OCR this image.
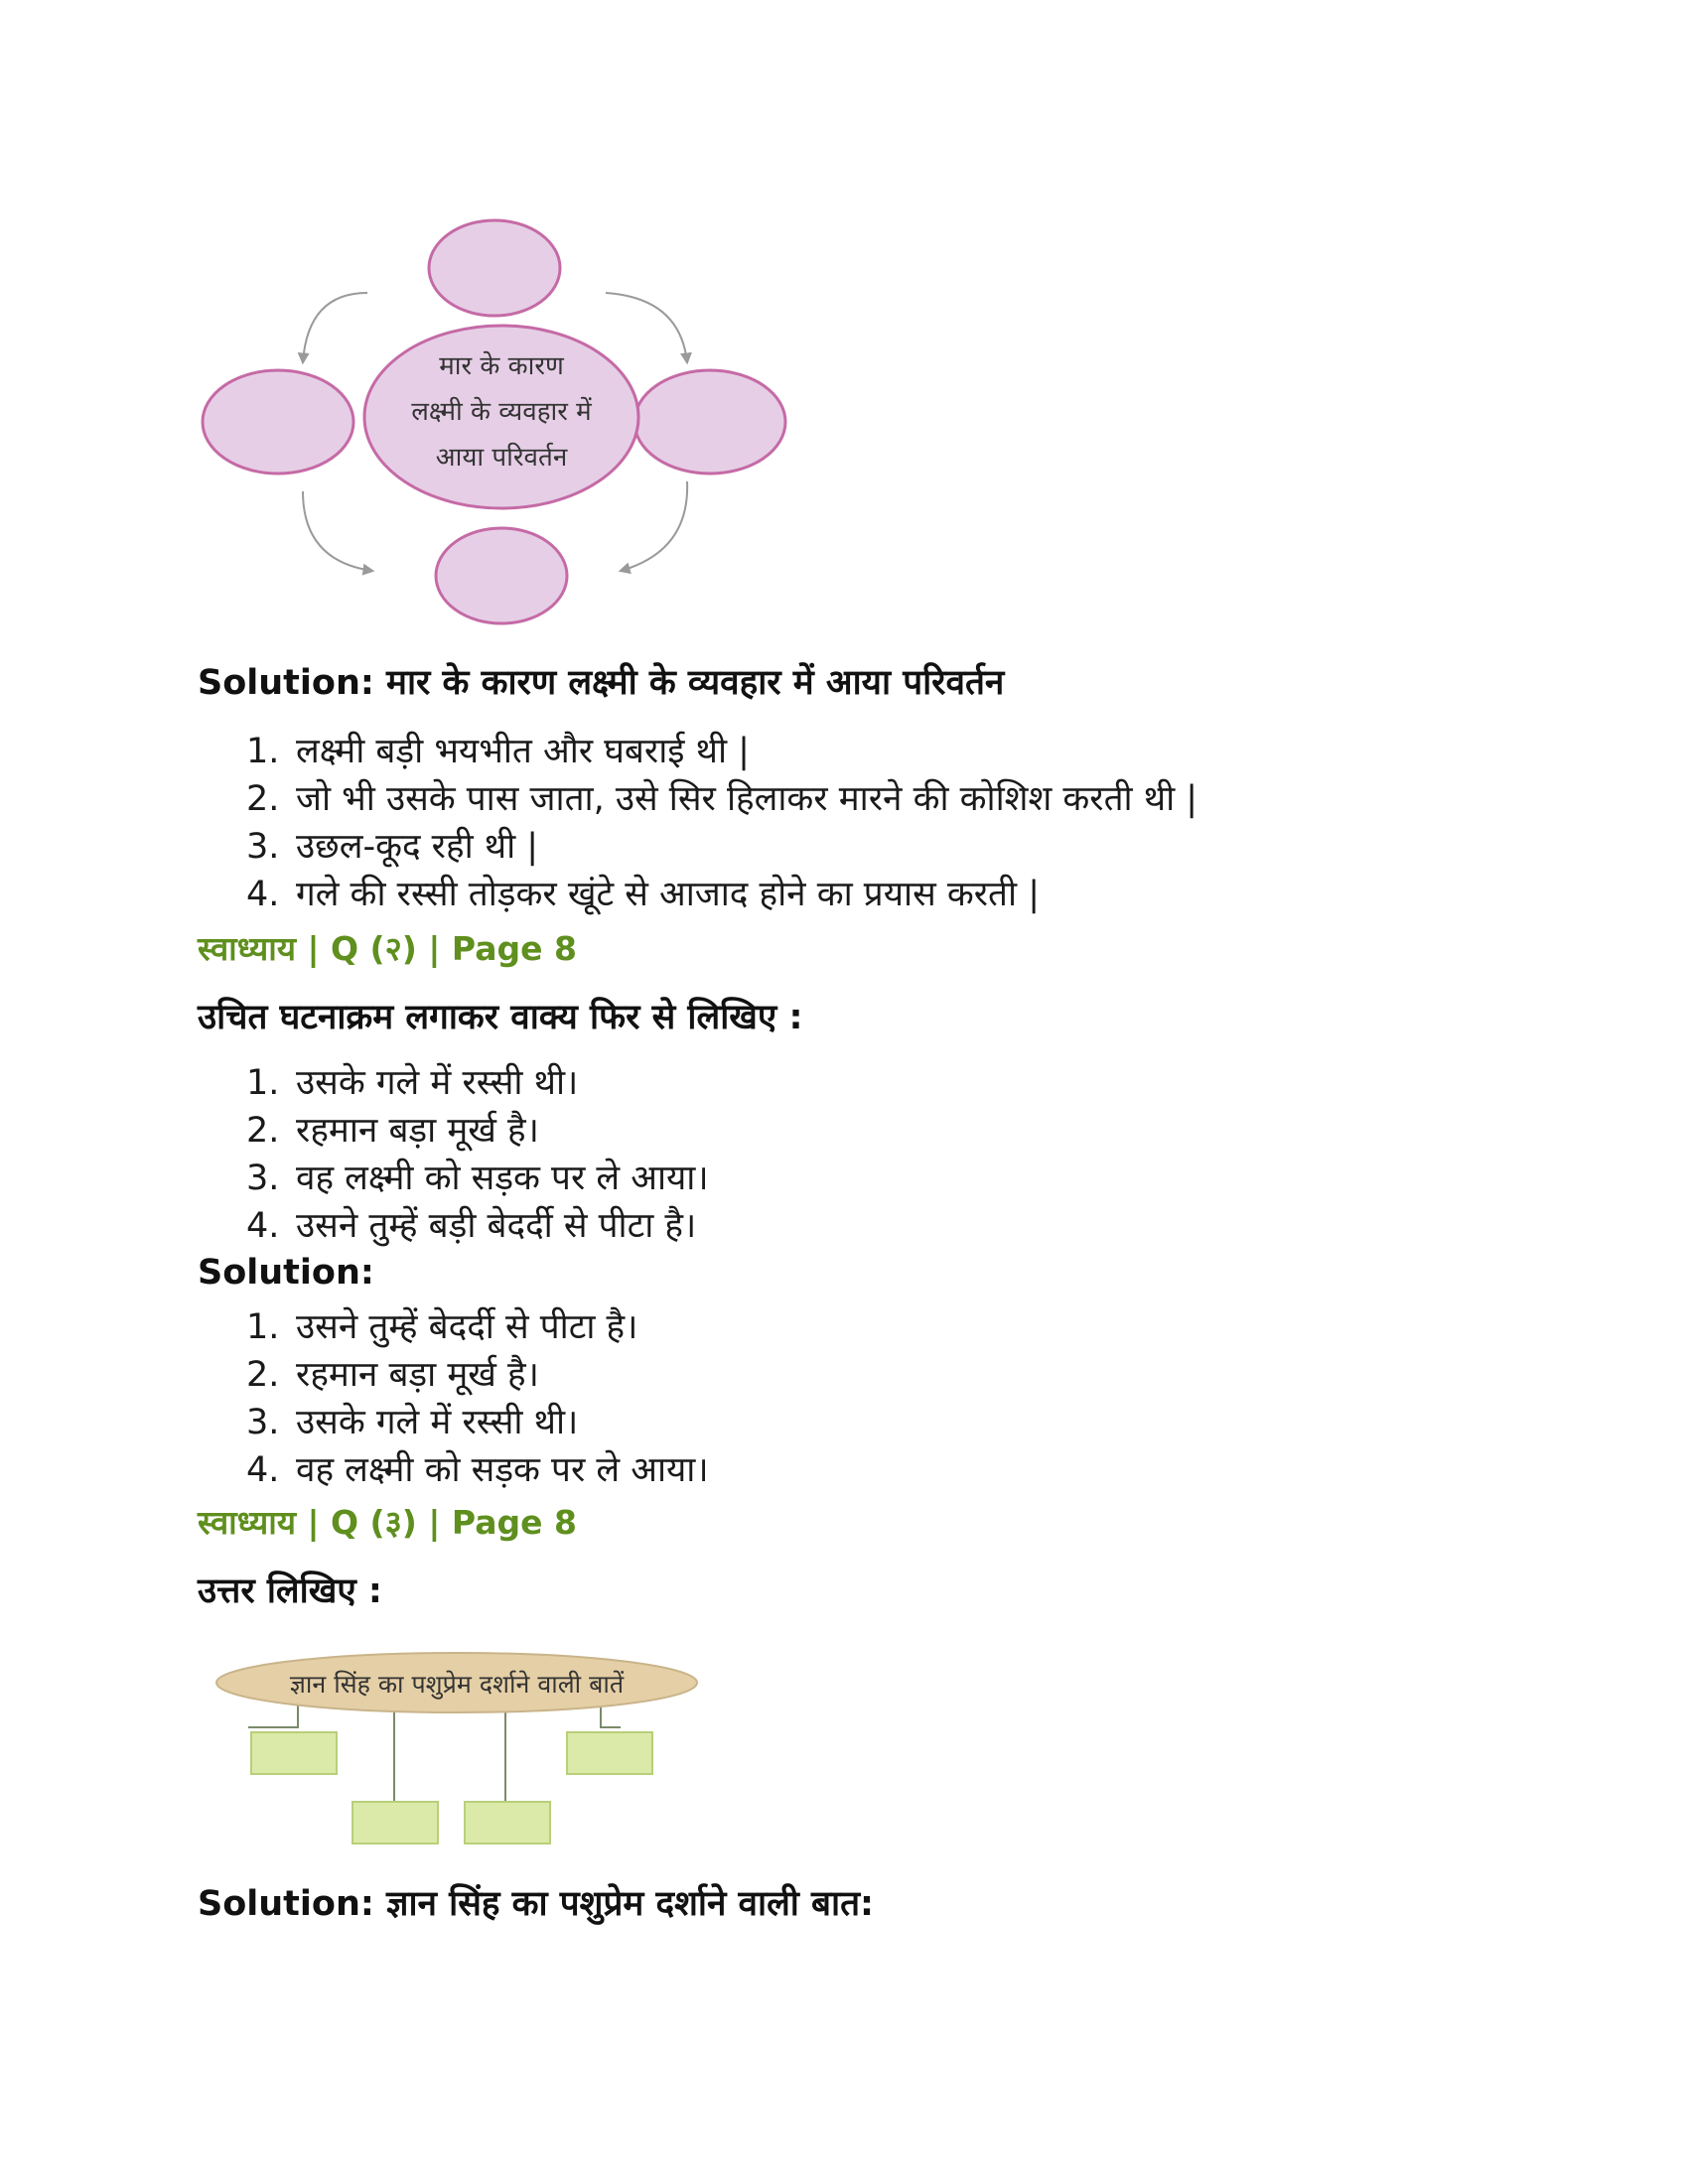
मार के कारण
लक्ष्मी के व्यवहार में
आया परिवर्तन

Solution: मार के कारण लक्ष्मी के व्यवहार में आया परिवर्तन

1. लक्ष्मी बड़ी भयभीत और घबराई थी |
2. जो भी उसके पास जाता, उसे सिर हिलाकर मारने की कोशिश करती थी |
3. उछल-कूद रही थी |
4. गले की रस्सी तोड़कर खूंटे से आजाद होने का प्रयास करती |

स्वाध्याय | Q (२) | Page 8

उचित घटनाक्रम लगाकर वाक्य फिर से लिखिए :

1. उसके गले में रस्सी थी।
2. रहमान बड़ा मूर्ख है।
3. वह लक्ष्मी को सड़क पर ले आया।
4. उसने तुम्हें बड़ी बेदर्दी से पीटा है।

Solution:

1. उसने तुम्हें बेदर्दी से पीटा है।
2. रहमान बड़ा मूर्ख है।
3. उसके गले में रस्सी थी।
4. वह लक्ष्मी को सड़क पर ले आया।

स्वाध्याय | Q (३) | Page 8

उत्तर लिखिए :

ज्ञान सिंह का पशुप्रेम दर्शाने वाली बातें

Solution: ज्ञान सिंह का पशुप्रेम दर्शाने वाली बात:
